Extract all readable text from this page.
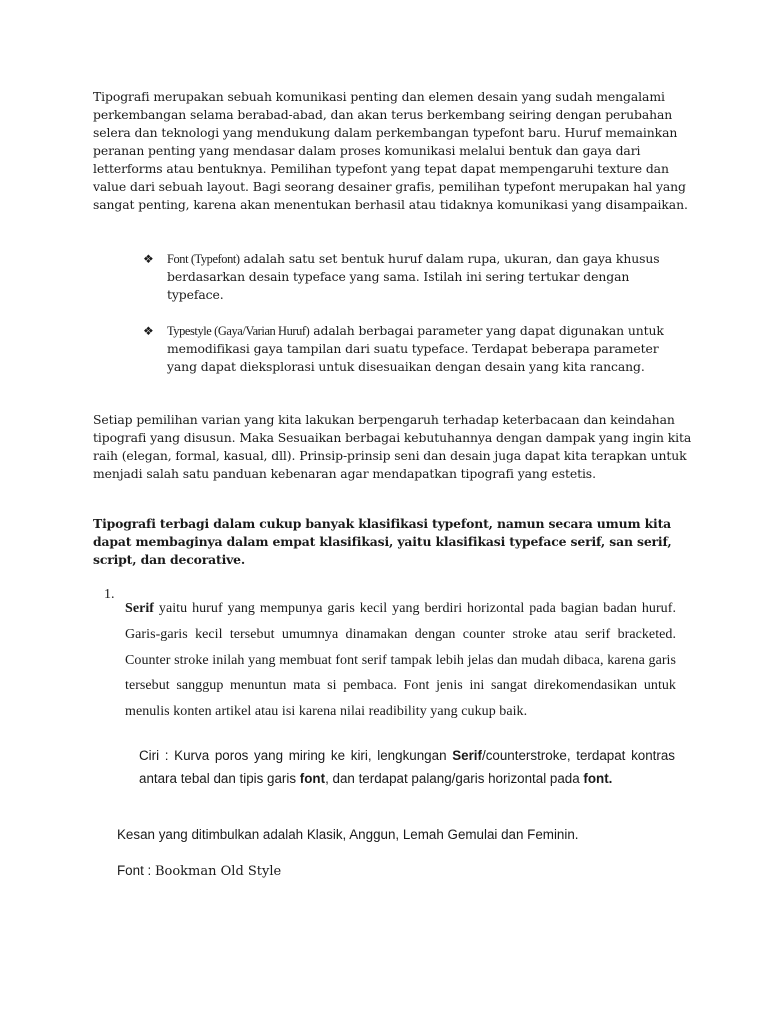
Tipografi merupakan sebuah komunikasi penting dan elemen desain yang sudah mengalami perkembangan selama berabad-abad, dan akan terus berkembang seiring dengan perubahan selera dan teknologi yang mendukung dalam perkembangan typefont baru. Huruf memainkan peranan penting yang mendasar dalam proses komunikasi melalui bentuk dan gaya dari letterforms atau bentuknya. Pemilihan typefont yang tepat dapat mempengaruhi texture dan value dari sebuah layout. Bagi seorang desainer grafis, pemilihan typefont merupakan hal yang sangat penting, karena akan menentukan berhasil atau tidaknya komunikasi yang disampaikan.

❖ Font (Typefont) adalah satu set bentuk huruf dalam rupa, ukuran, dan gaya khusus berdasarkan desain typeface yang sama. Istilah ini sering tertukar dengan typeface.
❖ Typestyle (Gaya/Varian Huruf) adalah berbagai parameter yang dapat digunakan untuk memodifikasi gaya tampilan dari suatu typeface. Terdapat beberapa parameter yang dapat dieksplorasi untuk disesuaikan dengan desain yang kita rancang.

Setiap pemilihan varian yang kita lakukan berpengaruh terhadap keterbacaan dan keindahan tipografi yang disusun. Maka Sesuaikan berbagai kebutuhannya dengan dampak yang ingin kita raih (elegan, formal, kasual, dll). Prinsip-prinsip seni dan desain juga dapat kita terapkan untuk menjadi salah satu panduan kebenaran agar mendapatkan tipografi yang estetis.

Tipografi terbagi dalam cukup banyak klasifikasi typefont, namun secara umum kita dapat membaginya dalam empat klasifikasi, yaitu klasifikasi typeface serif, san serif, script, dan decorative.

1.

Serif yaitu huruf yang mempunya garis kecil yang berdiri horizontal pada bagian badan huruf. Garis-garis kecil tersebut umumnya dinamakan dengan counter stroke atau serif bracketed. Counter stroke inilah yang membuat font serif tampak lebih jelas dan mudah dibaca, karena garis tersebut sanggup menuntun mata si pembaca. Font jenis ini sangat direkomendasikan untuk menulis konten artikel atau isi karena nilai readibility yang cukup baik.

Ciri : Kurva poros yang miring ke kiri, lengkungan Serif/counterstroke, terdapat kontras antara tebal dan tipis garis font, dan terdapat palang/garis horizontal pada font.

Kesan yang ditimbulkan adalah Klasik, Anggun, Lemah Gemulai dan Feminin.

Font : Bookman Old Style
